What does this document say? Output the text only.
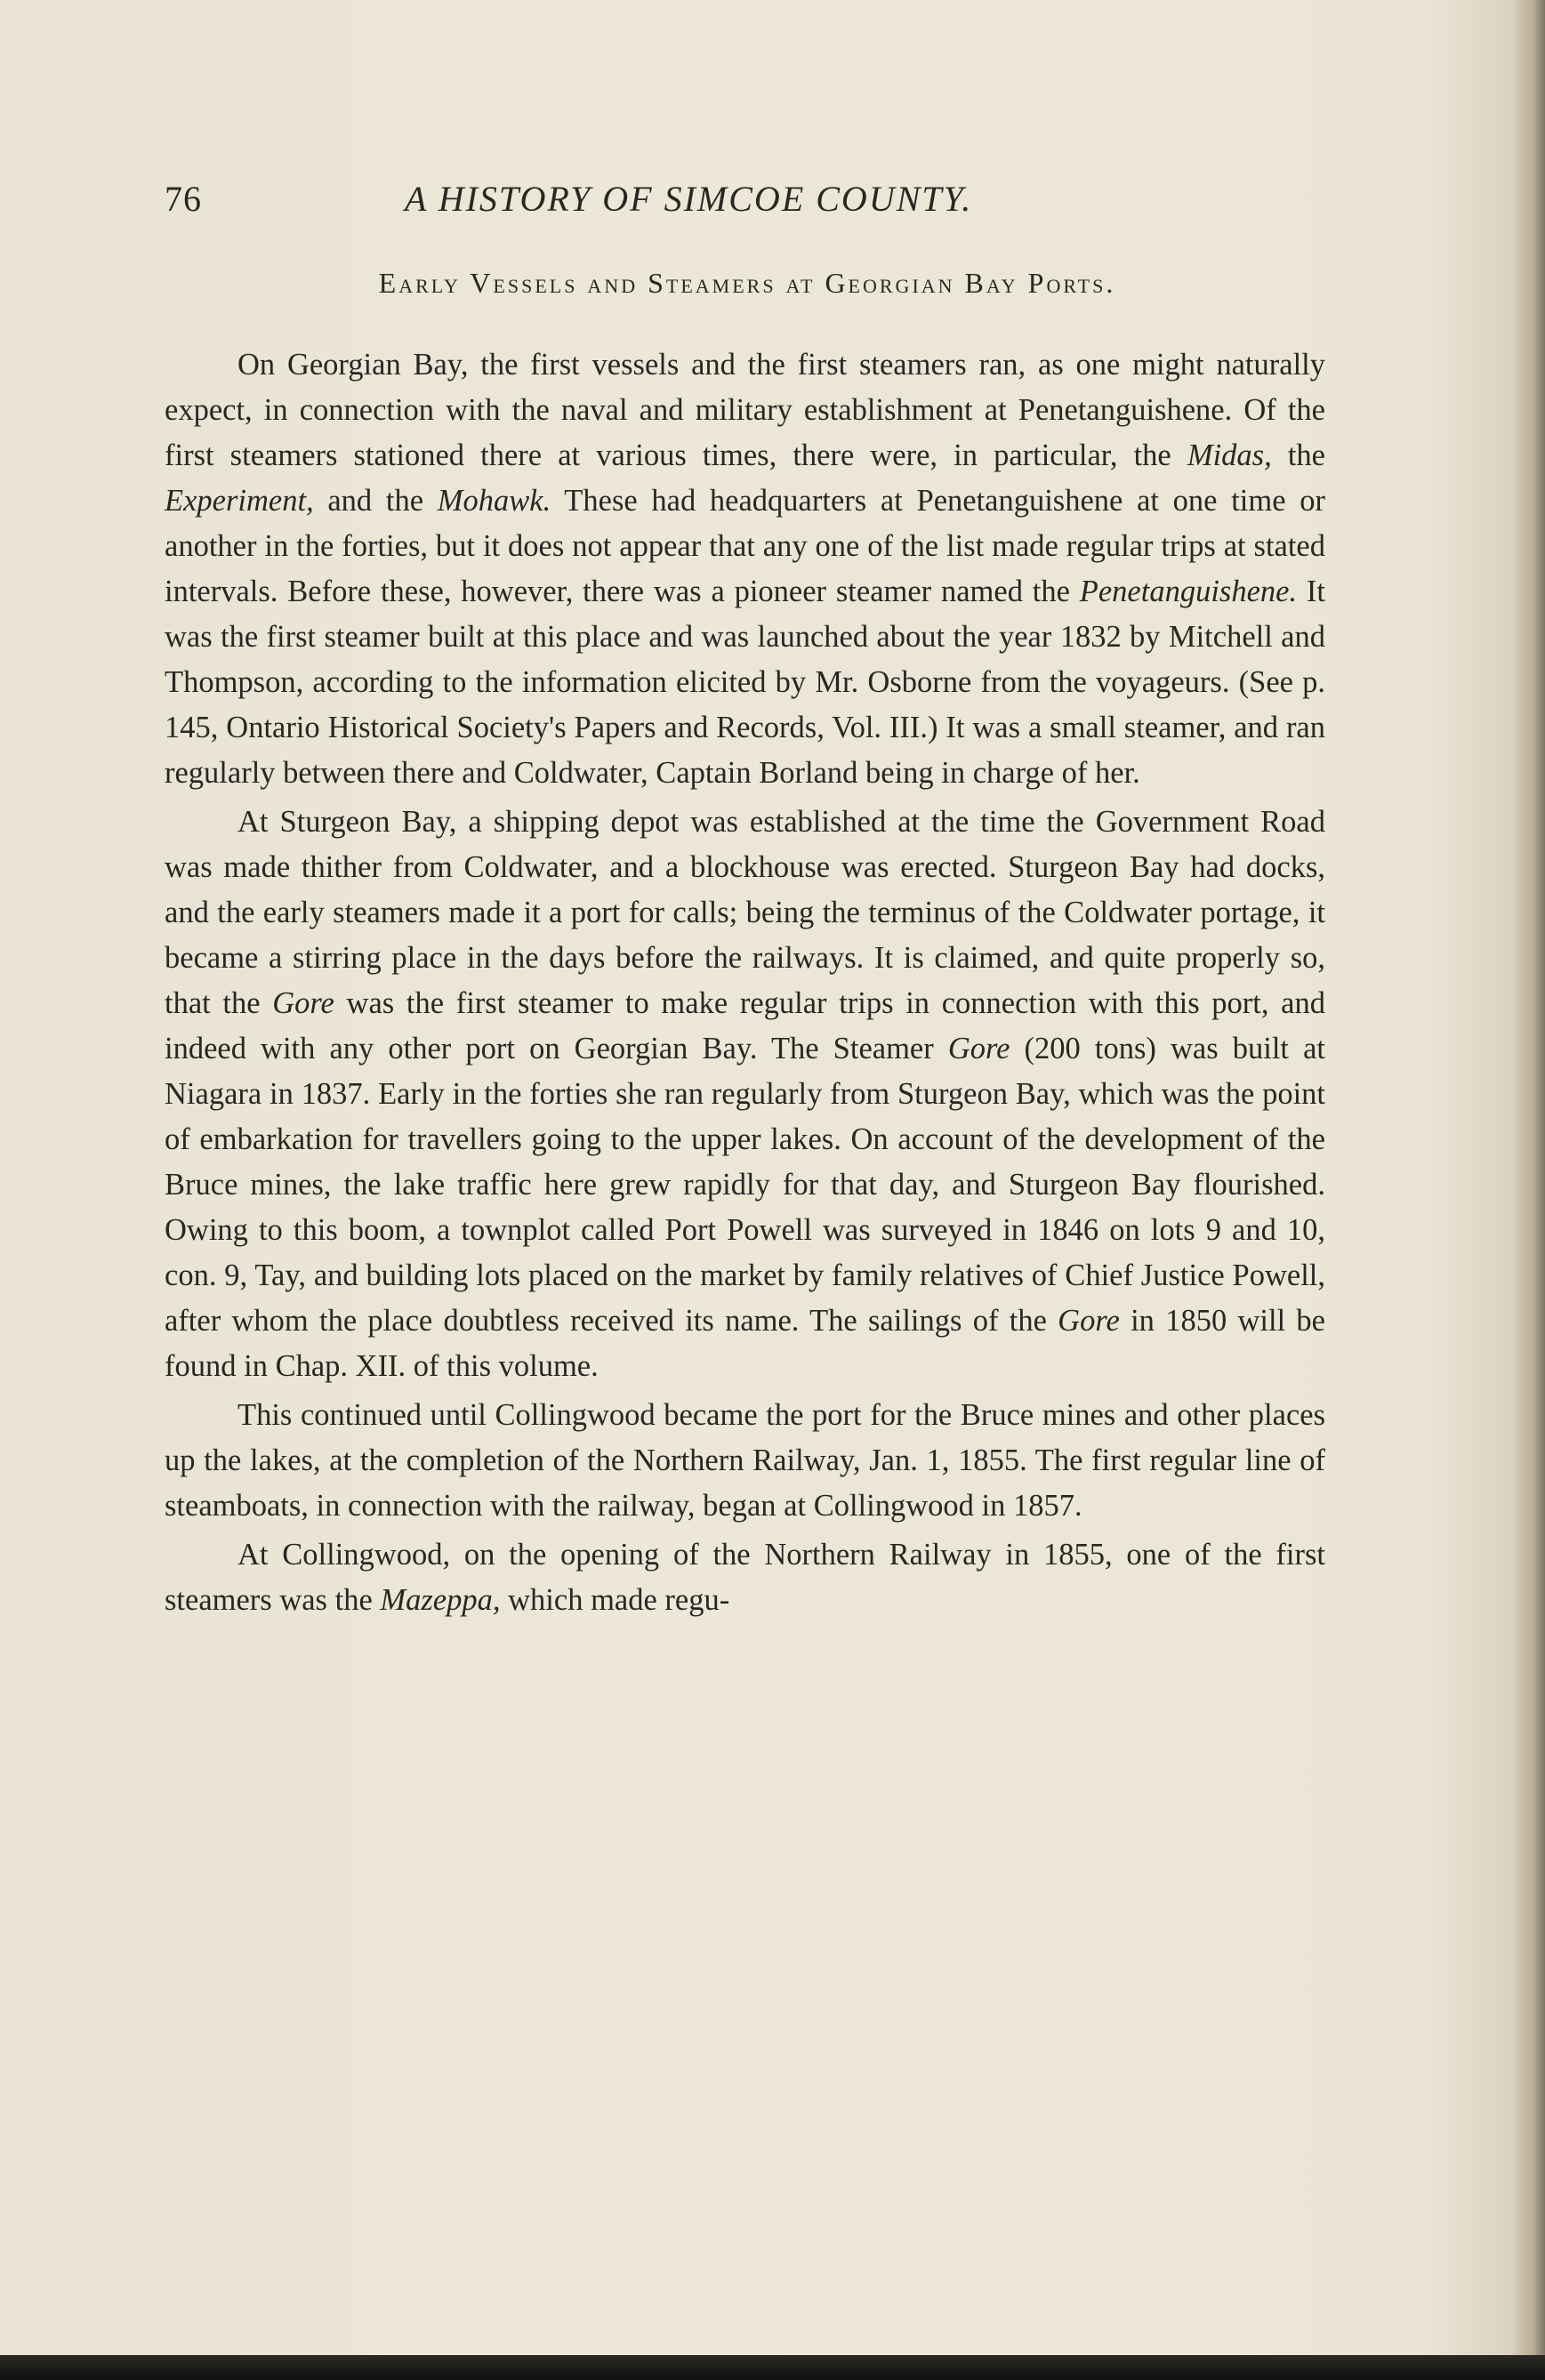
76	A HISTORY OF SIMCOE COUNTY.
Early Vessels and Steamers at Georgian Bay Ports.

On Georgian Bay, the first vessels and the first steamers ran, as one might naturally expect, in connection with the naval and military establishment at Penetanguishene. Of the first steamers stationed there at various times, there were, in particular, the Midas, the Experiment, and the Mohawk. These had headquarters at Penetanguishene at one time or another in the forties, but it does not appear that any one of the list made regular trips at stated intervals. Before these, however, there was a pioneer steamer named the Penetanguishene. It was the first steamer built at this place and was launched about the year 1832 by Mitchell and Thompson, according to the information elicited by Mr. Osborne from the voyageurs. (See p. 145, Ontario Historical Society's Papers and Records, Vol. III.) It was a small steamer, and ran regularly between there and Coldwater, Captain Borland being in charge of her.

At Sturgeon Bay, a shipping depot was established at the time the Government Road was made thither from Coldwater, and a blockhouse was erected. Sturgeon Bay had docks, and the early steamers made it a port for calls; being the terminus of the Coldwater portage, it became a stirring place in the days before the railways. It is claimed, and quite properly so, that the Gore was the first steamer to make regular trips in connection with this port, and indeed with any other port on Georgian Bay. The Steamer Gore (200 tons) was built at Niagara in 1837. Early in the forties she ran regularly from Sturgeon Bay, which was the point of embarkation for travellers going to the upper lakes. On account of the development of the Bruce mines, the lake traffic here grew rapidly for that day, and Sturgeon Bay flourished. Owing to this boom, a townplot called Port Powell was surveyed in 1846 on lots 9 and 10, con. 9, Tay, and building lots placed on the market by family relatives of Chief Justice Powell, after whom the place doubtless received its name. The sailings of the Gore in 1850 will be found in Chap. XII. of this volume.

This continued until Collingwood became the port for the Bruce mines and other places up the lakes, at the completion of the Northern Railway, Jan. 1, 1855. The first regular line of steamboats, in connection with the railway, began at Collingwood in 1857.

At Collingwood, on the opening of the Northern Railway in 1855, one of the first steamers was the Mazeppa, which made regu-
